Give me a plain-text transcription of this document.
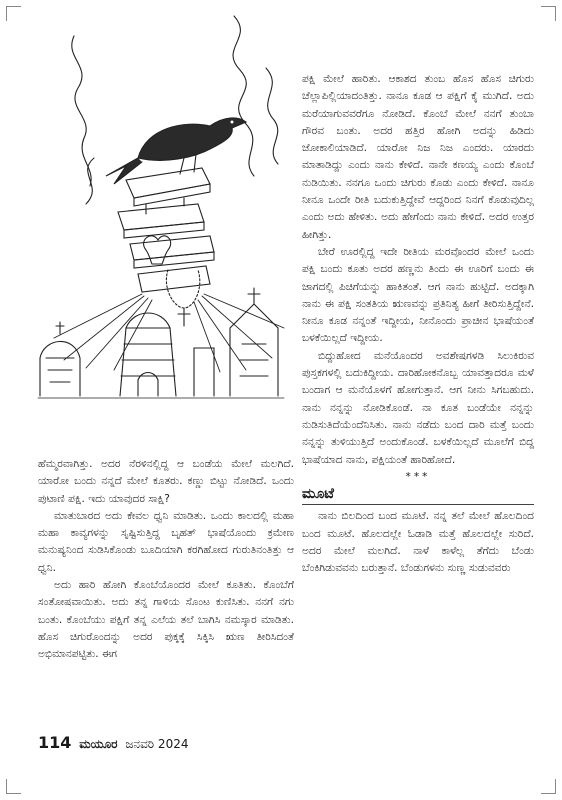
ಹೆಮ್ಮರವಾಗಿತ್ತು. ಅದರ ನೆರಳಿನಲ್ಲಿದ್ದ ಆ ಬಂಡೆಯ ಮೇಲೆ ಮಲಗಿದೆ. ಯಾರೋ ಬಂದು ನನ್ನದೆ ಮೇಲೆ ಕೂತರು. ಕಣ್ಣು ಬಿಟ್ಟು ನೋಡಿದೆ. ಒಂದು ಪುಟಾಣಿ ಪಕ್ಷಿ. ಇದು ಯಾವುದರ ಸಾಕ್ಷಿ?

ಮಾತುಬಾರದ ಅದು ಕೇವಲ ಧ್ವನಿ ಮಾಡಿತು. ಒಂದು ಕಾಲದಲ್ಲಿ ಮಹಾ ಮಹಾ ಕಾವ್ಯಗಳನ್ನು ಸೃಷ್ಟಿಸುತ್ತಿದ್ದ ಬೃಹತ್ ಭಾಷೆಯೊಂದು ಕ್ರಮೇಣ ಮನುಷ್ಯನಿಂದ ಸುಡಿಸಿಕೊಂಡು ಬೂದಿಯಾಗಿ ಕರಗಿಹೋದ ಗುರುತಿನಂತಿತ್ತು ಆ ಧ್ವನಿ.

ಅದು ಹಾರಿ ಹೋಗಿ ಕೊಂಬೆಯೊಂದರ ಮೇಲೆ ಕೂತಿತು. ಕೊಂಬೆಗೆ ಸಂತೋಷವಾಯಿತು. ಅದು ತನ್ನ ಗಾಳಿಯ ಸೊಂಟ ಕುಣಿಸಿತು. ನನಗೆ ನಗು ಬಂತು. ಕೊಂಬೆಯು ಪಕ್ಷಿಗೆ ತನ್ನ ಎಲೆಯ ತಲೆ ಬಾಗಿಸಿ ನಮಸ್ಕಾರ ಮಾಡಿತು. ಹೊಸ ಚಿಗುರೊಂದನ್ನು ಅದರ ಪುಕ್ಕಕ್ಕೆ ಸಿಕ್ಕಿಸಿ ಋಣ ತೀರಿಸಿದಂತೆ ಅಭಿಮಾನಪಟ್ಟಿತು. ಈಗ

ಪಕ್ಷಿ ಮೇಲೆ ಹಾರಿತು. ಆಕಾಶದ ತುಂಬ ಹೊಸ ಹೊಸ ಚಿಗುರು ಚೆಲ್ಲಾಪಿಲ್ಲಿಯಾದಂತಿತ್ತು. ನಾನೂ ಕೂಡ ಆ ಪಕ್ಷಿಗೆ ಕೈ ಮುಗಿದೆ. ಅದು ಮರೆಯಾಗುವವರೆಗೂ ನೋಡಿದೆ. ಕೊಂಬೆ ಮೇಲೆ ನನಗೆ ತುಂಬಾ ಗೌರವ ಬಂತು. ಅದರ ಹತ್ತಿರ ಹೋಗಿ ಅದನ್ನು ಹಿಡಿದು ಜೋಕಾಲಿಯಾಡಿದೆ. ಯಾರೋ ನಿಜ ನಿಜ ಎಂದರು. ಯಾರದು ಮಾತಾಡಿದ್ದು ಎಂದು ನಾನು ಕೇಳಿದೆ. ನಾನೇ ಕಣಯ್ಯ ಎಂದು ಕೊಂಬೆ ನುಡಿಯಿತು. ನನಗೂ ಒಂದು ಚಿಗುರು ಕೊಡು ಎಂದು ಕೇಳಿದೆ. ನಾನೂ ನೀನೂ ಒಂದೇ ರೀತಿ ಬದುಕುತ್ತಿದ್ದೇವೆ ಆದ್ದರಿಂದ ನಿನಗೆ ಕೊಡುವುದಿಲ್ಲ ಎಂದು ಅದು ಹೇಳಿತು. ಅದು ಹೇಗೆಂದು ನಾನು ಕೇಳಿದೆ. ಅದರ ಉತ್ತರ ಹೀಗಿತ್ತು.

ಬೇರೆ ಊರಲ್ಲಿದ್ದ ಇದೇ ರೀತಿಯ ಮರವೊಂದರ ಮೇಲೆ ಒಂದು ಪಕ್ಷಿ ಬಂದು ಕೂತು ಅದರ ಹಣ್ಣನು ತಿಂದು ಈ ಊರಿಗೆ ಬಂದು ಈ ಜಾಗದಲ್ಲಿ ಪಿಚಿಗೆಯನ್ನು ಹಾಕಿತಂತೆ. ಆಗ ನಾನು ಹುಟ್ಟಿದೆ. ಅದಕ್ಕಾಗಿ ನಾನು ಈ ಪಕ್ಷಿ ಸಂತತಿಯ ಋಣವನ್ನು ಪ್ರತಿನಿತ್ಯ ಹೀಗೆ ತೀರಿಸುತ್ತಿದ್ದೇನೆ. ನೀನೂ ಕೂಡ ನನ್ನಂತೆ ಇದ್ದೀಯ, ನೀನೊಂದು ಪ್ರಾಚೀನ ಭಾಷೆಯಂತೆ ಬಳಕೆಯಿಲ್ಲದೆ ಇದ್ದೀಯ.

ಬಿದ್ದುಹೋದ ಮನೆಯೊಂದರ ಅವಶೇಷಗಳಡಿ ಸಿಲುಕಿರುವ ಪುಸ್ತಕಗಳಲ್ಲಿ ಬದುಕಿದ್ದೀಯ. ದಾರಿಹೋಕನೊಬ್ಬ ಯಾವತ್ತಾದರೂ ಮಳೆ ಬಂದಾಗ ಆ ಮನೆಯೊಳಗೆ ಹೋಗುತ್ತಾನೆ. ಆಗ ನೀನು ಸಿಗಬಹುದು. ನಾನು ನನ್ನನ್ನು ನೋಡಿಕೊಂಡೆ. ನಾ ಕೂತ ಬಂಡೆಯೇ ನನ್ನನ್ನು ನುಡಿಸುತಿದೆಯೆಂದೆನಿಸಿತು. ನಾನು ನಡೆದು ಬಂದ ದಾರಿ ಮತ್ತೆ ಬಂದು ನನ್ನನ್ನು ತುಳಿಯುತ್ತಿದೆ ಅಂದುಕೊಂಡೆ. ಬಳಕೆಯಿಲ್ಲದೆ ಮೂಲೆಗೆ ಬಿದ್ದ ಭಾಷೆಯಾದ ನಾನು, ಪಕ್ಷಿಯಂತೆ ಹಾರಿಹೋದೆ.

***

ಮೂಟೆ

ನಾನು ಬಿಲದಿಂದ ಬಂದ ಮೂಟೆ. ನನ್ನ ತಲೆ ಮೇಲೆ ಹೊಲದಿಂದ ಬಂದ ಮೂಟೆ. ಹೊಲದಲ್ಲೇ ಓಡಾಡಿ ಮತ್ತೆ ಹೊಲದಲ್ಲೇ ಸುರಿದೆ. ಅದರ ಮೇಲೆ ಮಲಗಿದೆ. ನಾಳೆ ಕಾಳೆಲ್ಲ ತೆಗೆದು ಬೆಂಡು ಬೆಂಕಿಗಿಡುವವನು ಬರುತ್ತಾನೆ. ಬೆಂಡುಗಳನು ಸುಣ್ಣ ಸುಡುವವರು

114 ಮಯೂರ ಜನವರಿ 2024
